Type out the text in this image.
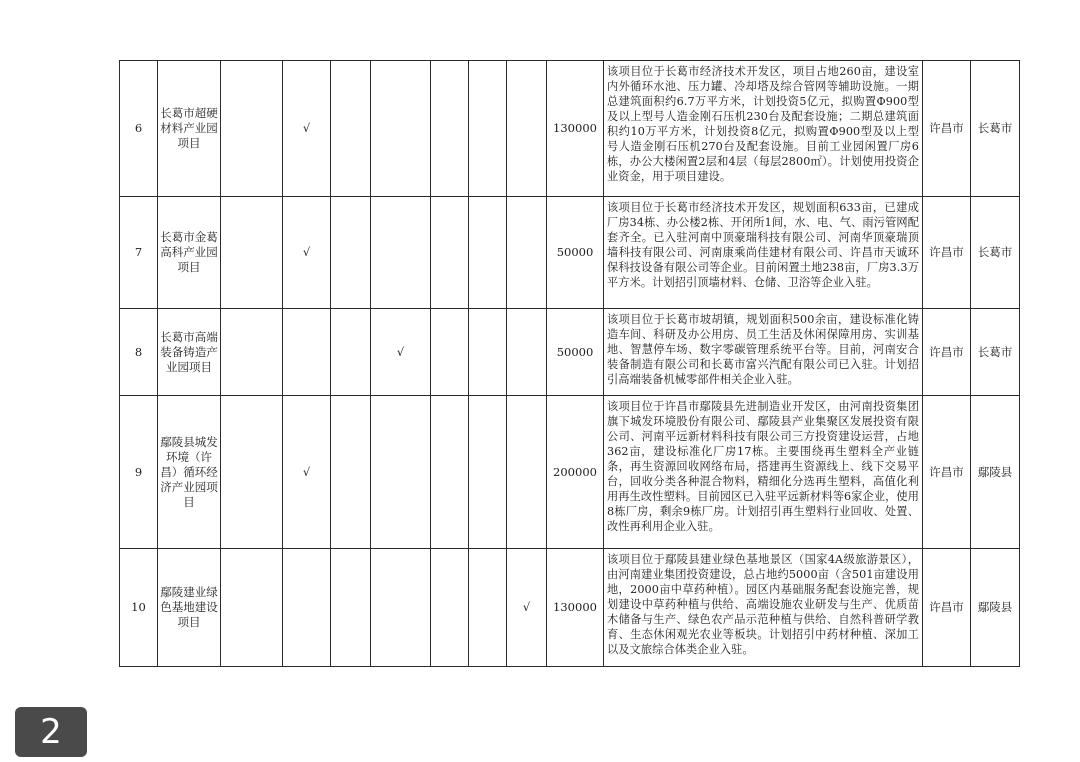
6	长葛市超硬材料产业园项目		√						130000	该项目位于长葛市经济技术开发区，项目占地260亩，建设室内外循环水池、压力罐、冷却塔及综合管网等辅助设施。一期总建筑面积约6.7万平方米，计划投资5亿元，拟购置Φ900型及以上型号人造金刚石压机230台及配套设施；二期总建筑面积约10万平方米，计划投资8亿元，拟购置Φ900型及以上型号人造金刚石压机270台及配套设施。目前工业园闲置厂房6栋，办公大楼闲置2层和4层（每层2800㎡）。计划使用投资企业资金，用于项目建设。	许昌市	长葛市
7	长葛市金葛高科产业园项目		√						50000	该项目位于长葛市经济技术开发区，规划面积633亩，已建成厂房34栋、办公楼2栋、开闭所1间，水、电、气、雨污管网配套齐全。已入驻河南中顶豪瑞科技有限公司、河南华顶豪瑞顶墙科技有限公司、河南康乘尚佳建材有限公司、许昌市天诚环保科技设备有限公司等企业。目前闲置土地238亩，厂房3.3万平方米。计划招引顶墙材料、仓储、卫浴等企业入驻。	许昌市	长葛市
8	长葛市高端装备铸造产业园项目				√				50000	该项目位于长葛市坡胡镇，规划面积500余亩，建设标准化铸造车间、科研及办公用房、员工生活及休闲保障用房、实训基地、智慧停车场、数字零碳管理系统平台等。目前，河南安合装备制造有限公司和长葛市富兴汽配有限公司已入驻。计划招引高端装备机械零部件相关企业入驻。	许昌市	长葛市
9	鄢陵县城发环境（许昌）循环经济产业园项目		√						200000	该项目位于许昌市鄢陵县先进制造业开发区，由河南投资集团旗下城发环境股份有限公司、鄢陵县产业集聚区发展投资有限公司、河南平远新材料科技有限公司三方投资建设运营，占地362亩，建设标准化厂房17栋。主要围绕再生塑料全产业链条，再生资源回收网络布局，搭建再生资源线上、线下交易平台，回收分类各种混合物料，精细化分选再生塑料，高值化利用再生改性塑料。目前园区已入驻平远新材料等6家企业，使用8栋厂房，剩余9栋厂房。计划招引再生塑料行业回收、处置、改性再利用企业入驻。	许昌市	鄢陵县
10	鄢陵建业绿色基地建设项目							√	130000	该项目位于鄢陵县建业绿色基地景区（国家4A级旅游景区），由河南建业集团投资建设，总占地约5000亩（含501亩建设用地，2000亩中草药种植）。园区内基础服务配套设施完善，规划建设中草药种植与供给、高端设施农业研发与生产、优质苗木储备与生产、绿色农产品示范种植与供给、自然科普研学教育、生态休闲观光农业等板块。计划招引中药材种植、深加工以及文旅综合体类企业入驻。	许昌市	鄢陵县
2
